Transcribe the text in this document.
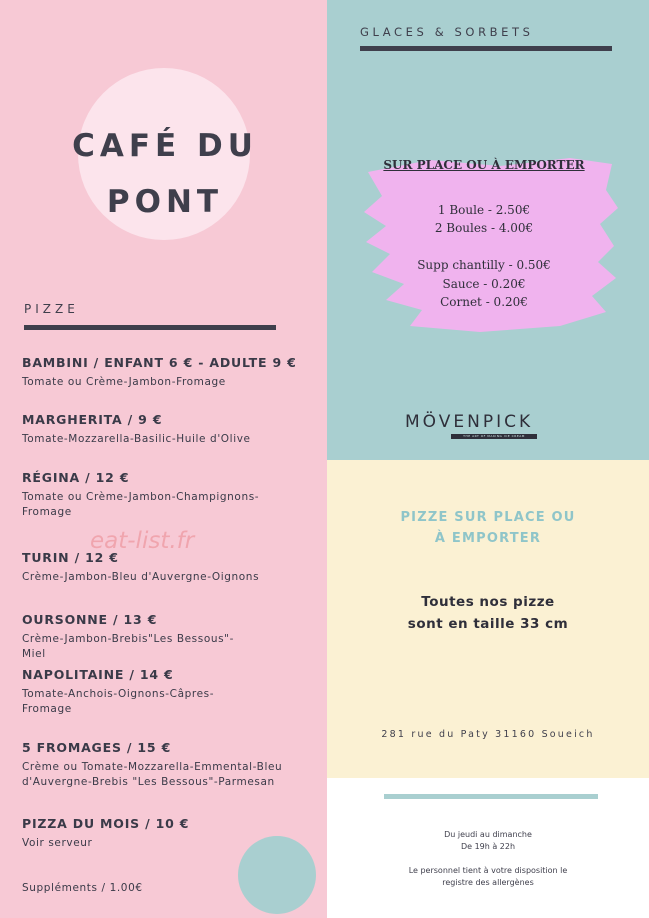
CAFÉ DU
PONT
PIZZE
BAMBINI / ENFANT 6 € - ADULTE 9 €
Tomate ou Crème-Jambon-Fromage
MARGHERITA / 9 €
Tomate-Mozzarella-Basilic-Huile d'Olive
RÉGINA / 12 €
Tomate ou Crème-Jambon-Champignons-
Fromage
TURIN / 12 €
Crème-Jambon-Bleu d'Auvergne-Oignons
OURSONNE / 13 €
Crème-Jambon-Brebis"Les Bessous"-
Miel
NAPOLITAINE / 14 €
Tomate-Anchois-Oignons-Câpres-
Fromage
5 FROMAGES / 15 €
Crème ou Tomate-Mozzarella-Emmental-Bleu
d'Auvergne-Brebis "Les Bessous"-Parmesan
PIZZA DU MOIS / 10 €
Voir serveur
eat-list.fr
Suppléments / 1.00€
GLACES & SORBETS
SUR PLACE OU À EMPORTER
1 Boule - 2.50€
2 Boules - 4.00€
Supp chantilly - 0.50€
Sauce - 0.20€
Cornet - 0.20€
MÖVENPICK
THE ART OF MAKING ICE CREAM
PIZZE SUR PLACE OU
À EMPORTER
Toutes nos pizze
sont en taille 33 cm
281 rue du Paty 31160 Soueich
Du jeudi au dimanche
De 19h à 22h
Le personnel tient à votre disposition le
registre des allergènes
